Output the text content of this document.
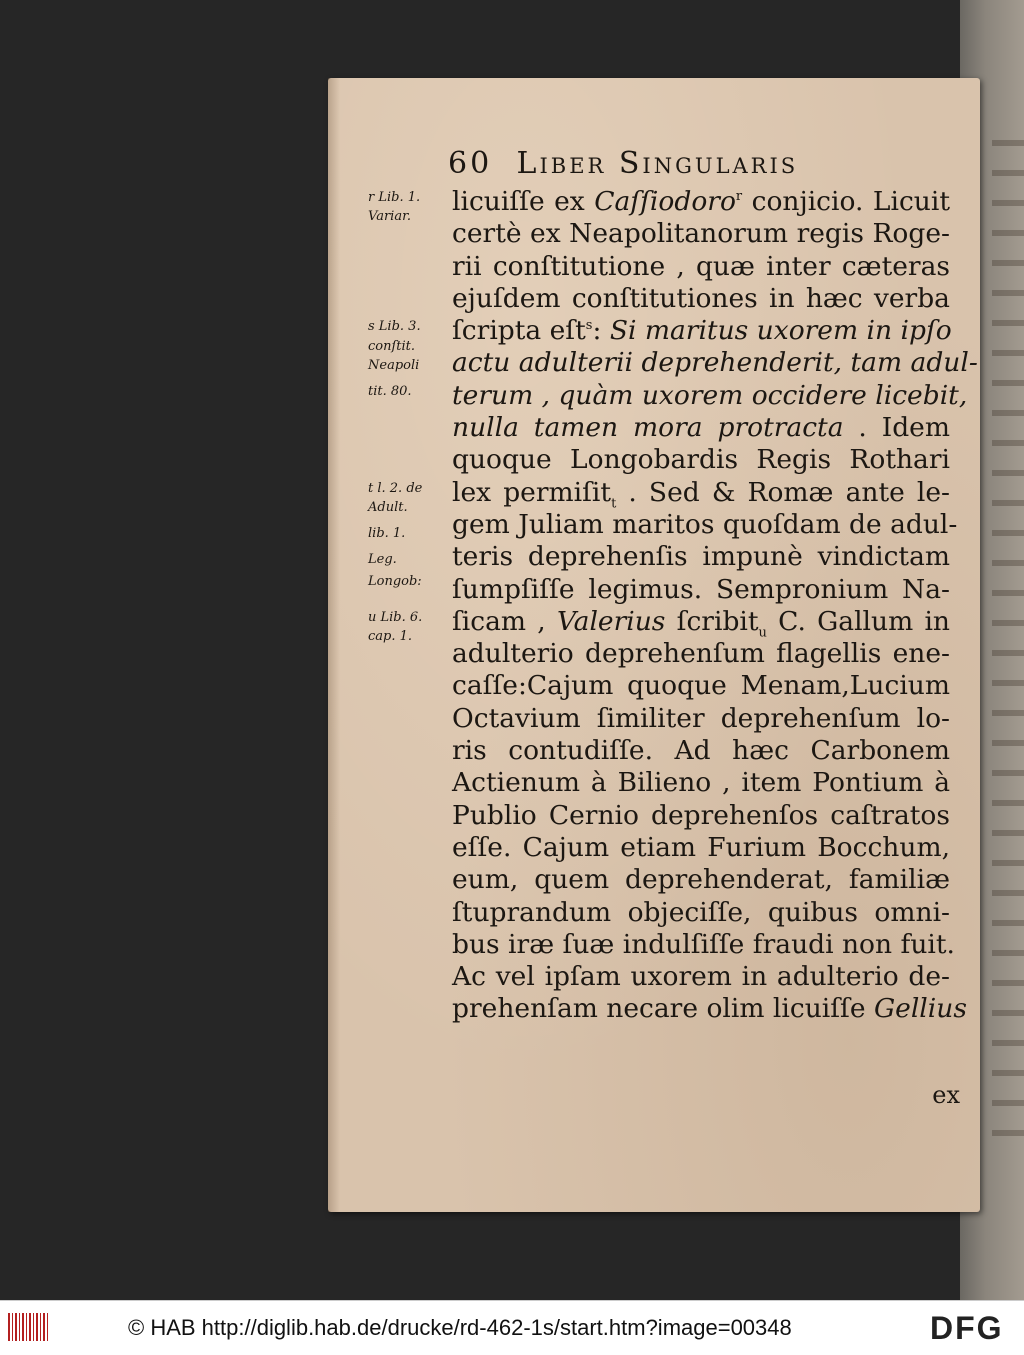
60 Liber Singularis
r Lib. 1.
Variar.
s Lib. 3.
conſtit.
Neapoli
tit. 80.
t l. 2. de
Adult.
lib. 1.
Leg.
Longob:
u Lib. 6.
cap. 1.
licuiſſe ex Caſſiodoro$^r$ conjicio. Licuit
certè ex Neapolitanorum regis Roge-
rii conſtitutione , quæ inter cæteras
ejuſdem conſtitutiones in hæc verba
ſcripta eſt$^s$: Si maritus uxorem in ipſo
actu adulterii deprehenderit, tam adul-
terum , quàm uxorem occidere licebit,
nulla tamen mora protracta . Idem
quoque Longobardis Regis Rothari
lex permiſit$_t$ . Sed & Romæ ante le-
gem Juliam maritos quoſdam de adul-
teris deprehenſis impunè vindictam
ſumpſiſſe legimus. Sempronium Na-
ſicam , Valerius ſcribit$_u$ C. Gallum in
adulterio deprehenſum flagellis ene-
caſſe:Cajum quoque Menam,Lucium
Octavium ſimiliter deprehenſum lo-
ris contudiſſe. Ad hæc Carbonem
Actienum à Bilieno , item Pontium à
Publio Cernio deprehenſos caſtratos
eſſe. Cajum etiam Furium Bocchum,
eum, quem deprehenderat, familiæ
ſtuprandum objeciſſe, quibus omni-
bus iræ ſuæ indulſiſſe fraudi non fuit.
Ac vel ipſam uxorem in adulterio de-
prehenſam necare olim licuiſſe Gellius
ex
© HAB http://diglib.hab.de/drucke/rd-462-1s/start.htm?image=00348	DFG
